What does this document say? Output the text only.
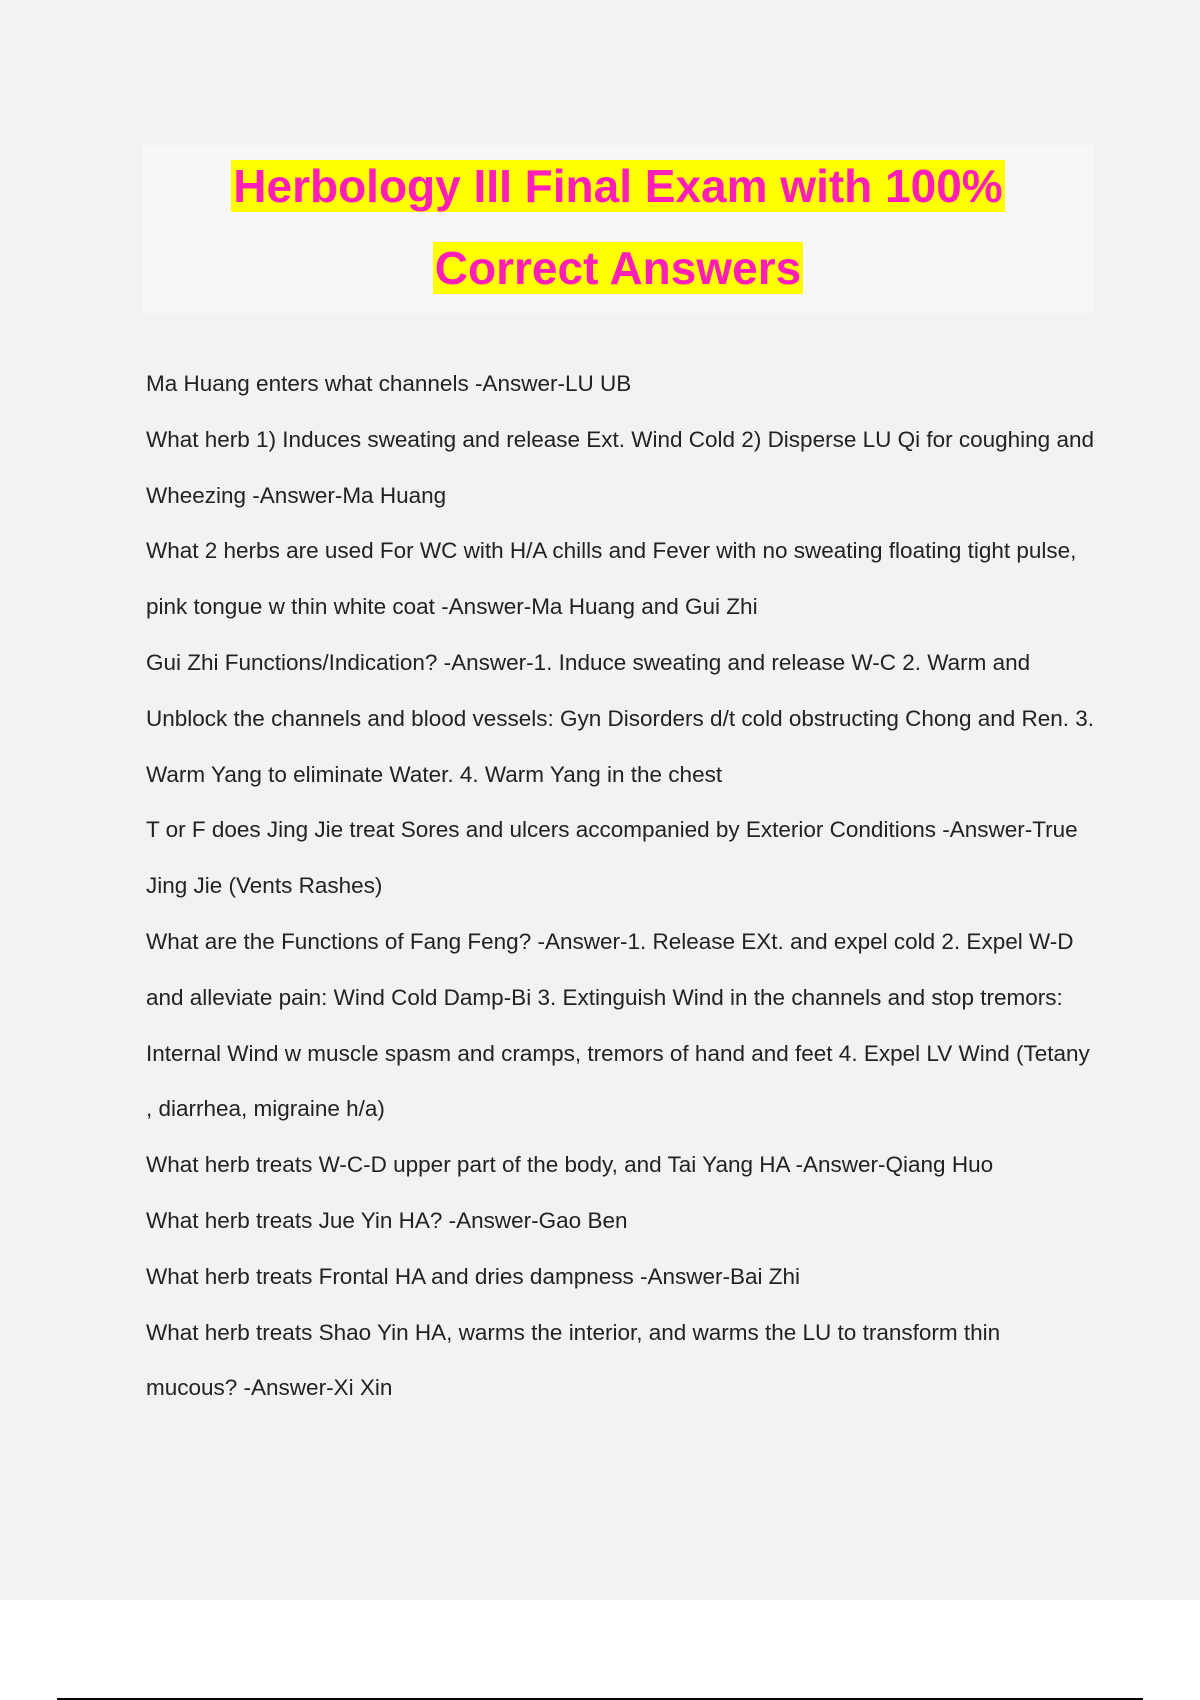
Herbology III Final Exam with 100%
Correct Answers
Ma Huang enters what channels -Answer-LU UB
What herb 1) Induces sweating and release Ext. Wind Cold 2) Disperse LU Qi for coughing and Wheezing -Answer-Ma Huang
What 2 herbs are used For WC with H/A chills and Fever with no sweating floating tight pulse, pink tongue w thin white coat -Answer-Ma Huang and Gui Zhi
Gui Zhi Functions/Indication? -Answer-1. Induce sweating and release W-C 2. Warm and Unblock the channels and blood vessels: Gyn Disorders d/t cold obstructing Chong and Ren. 3. Warm Yang to eliminate Water. 4. Warm Yang in the chest
T or F does Jing Jie treat Sores and ulcers accompanied by Exterior Conditions -Answer-True Jing Jie (Vents Rashes)
What are the Functions of Fang Feng? -Answer-1. Release EXt. and expel cold 2. Expel W-D and alleviate pain: Wind Cold Damp-Bi 3. Extinguish Wind in the channels and stop tremors: Internal Wind w muscle spasm and cramps, tremors of hand and feet 4. Expel LV Wind (Tetany , diarrhea, migraine h/a)
What herb treats W-C-D upper part of the body, and Tai Yang HA -Answer-Qiang Huo
What herb treats Jue Yin HA? -Answer-Gao Ben
What herb treats Frontal HA and dries dampness -Answer-Bai Zhi
What herb treats Shao Yin HA, warms the interior, and warms the LU to transform thin mucous? -Answer-Xi Xin
